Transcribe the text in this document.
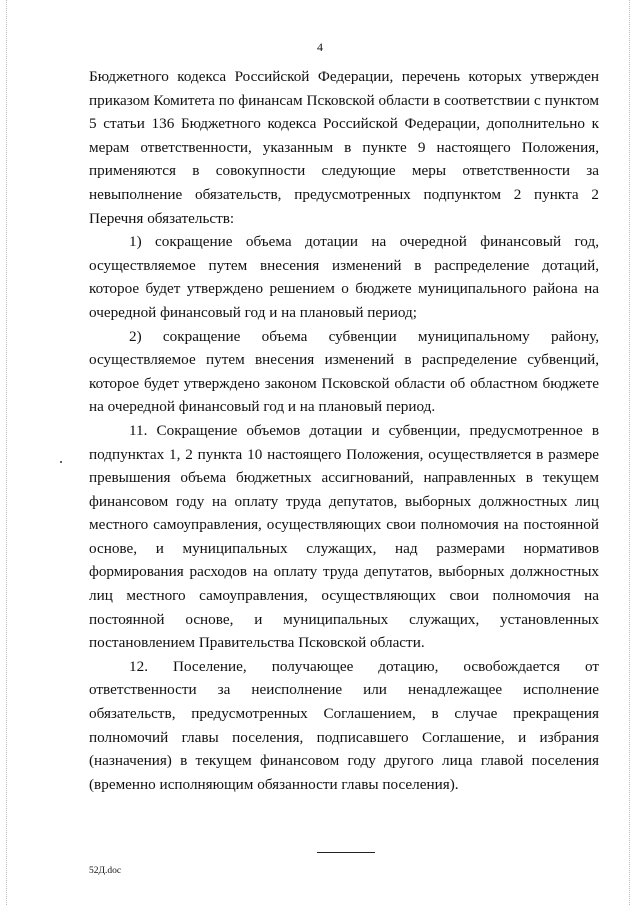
4

Бюджетного кодекса Российской Федерации, перечень которых утвержден приказом Комитета по финансам Псковской области в соответствии с пунктом 5 статьи 136 Бюджетного кодекса Российской Федерации, дополнительно к мерам ответственности, указанным в пункте 9 настоящего Положения, применяются в совокупности следующие меры ответственности за невыполнение обязательств, предусмотренных подпунктом 2 пункта 2 Перечня обязательств:

1) сокращение объема дотации на очередной финансовый год, осуществляемое путем внесения изменений в распределение дотаций, которое будет утверждено решением о бюджете муниципального района на очередной финансовый год и на плановый период;

2) сокращение объема субвенции муниципальному району, осуществляемое путем внесения изменений в распределение субвенций, которое будет утверждено законом Псковской области об областном бюджете на очередной финансовый год и на плановый период.

11. Сокращение объемов дотации и субвенции, предусмотренное в подпунктах 1, 2 пункта 10 настоящего Положения, осуществляется в размере превышения объема бюджетных ассигнований, направленных в текущем финансовом году на оплату труда депутатов, выборных должностных лиц местного самоуправления, осуществляющих свои полномочия на постоянной основе, и муниципальных служащих, над размерами нормативов формирования расходов на оплату труда депутатов, выборных должностных лиц местного самоуправления, осуществляющих свои полномочия на постоянной основе, и муниципальных служащих, установленных постановлением Правительства Псковской области.

12. Поселение, получающее дотацию, освобождается от ответственности за неисполнение или ненадлежащее исполнение обязательств, предусмотренных Соглашением, в случае прекращения полномочий главы поселения, подписавшего Соглашение, и избрания (назначения) в текущем финансовом году другого лица главой поселения (временно исполняющим обязанности главы поселения).

52Д.doc
